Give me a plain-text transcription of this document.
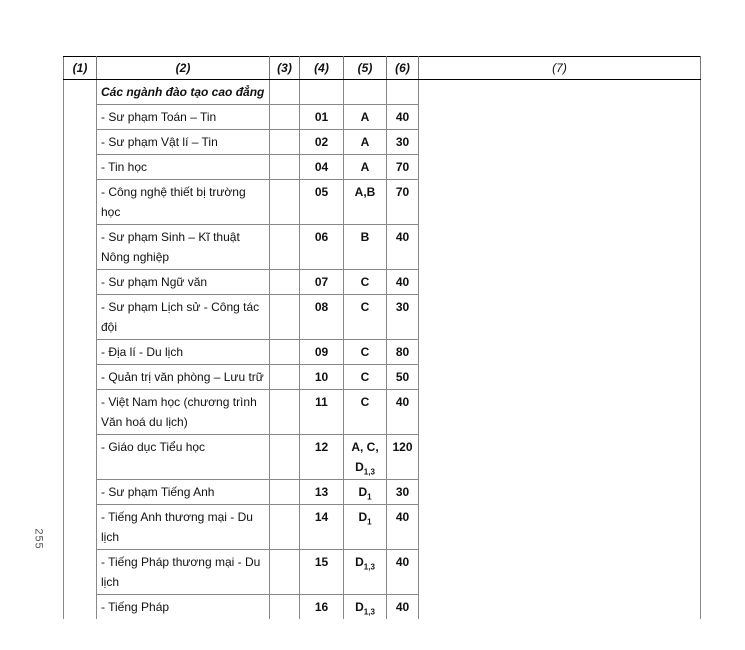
(1)	(2)	(3)	(4)	(5)	(6)	(7)
	Các ngành đào tạo cao đẳng					
	- Sư phạm Toán – Tin		01	A	40	
	- Sư phạm Vật lí – Tin		02	A	30	
	- Tin học		04	A	70	
	- Công nghệ thiết bị trường học		05	A,B	70	
	- Sư phạm Sinh – Kĩ thuật Nông nghiệp		06	B	40	
	- Sư phạm Ngữ văn		07	C	40	
	- Sư phạm Lịch sử - Công tác đội		08	C	30	
	- Địa lí - Du lịch		09	C	80	
	- Quản trị văn phòng – Lưu trữ		10	C	50	
	- Việt Nam học (chương trình Văn hoá du lịch)		11	C	40	
	- Giáo dục Tiểu học		12	A, C, $D_{1,3}$	120	
	- Sư phạm Tiếng Anh		13	$D_1$	30	
	- Tiếng Anh thương mại - Du lịch		14	$D_1$	40	
	- Tiếng Pháp thương mại - Du lịch		15	$D_{1,3}$	40	
	- Tiếng Pháp		16	$D_{1,3}$	40	
255
